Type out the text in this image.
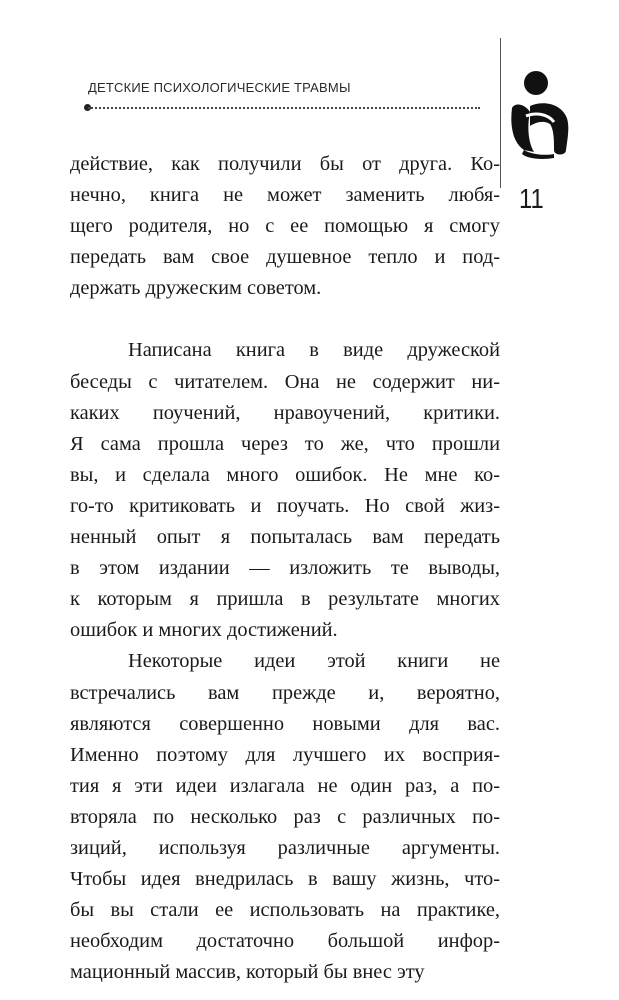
ДЕТСКИЕ ПСИХОЛОГИЧЕСКИЕ ТРАВМЫ
11
действие, как получили бы от друга. Ко-
нечно, книга не может заменить любя-
щего родителя, но с ее помощью я смогу
передать вам свое душевное тепло и под-
держать дружеским советом.
Написана книга в виде дружеской
беседы с читателем. Она не содержит ни-
каких поучений, нравоучений, критики.
Я сама прошла через то же, что прошли
вы, и сделала много ошибок. Не мне ко-
го-то критиковать и поучать. Но свой жиз-
ненный опыт я попыталась вам передать
в этом издании — изложить те выводы,
к которым я пришла в результате многих
ошибок и многих достижений.
Некоторые идеи этой книги не
встречались вам прежде и, вероятно,
являются совершенно новыми для вас.
Именно поэтому для лучшего их восприя-
тия я эти идеи излагала не один раз, а по-
вторяла по несколько раз с различных по-
зиций, используя различные аргументы.
Чтобы идея внедрилась в вашу жизнь, что-
бы вы стали ее использовать на практике,
необходим достаточно большой инфор-
мационный массив, который бы внес эту
